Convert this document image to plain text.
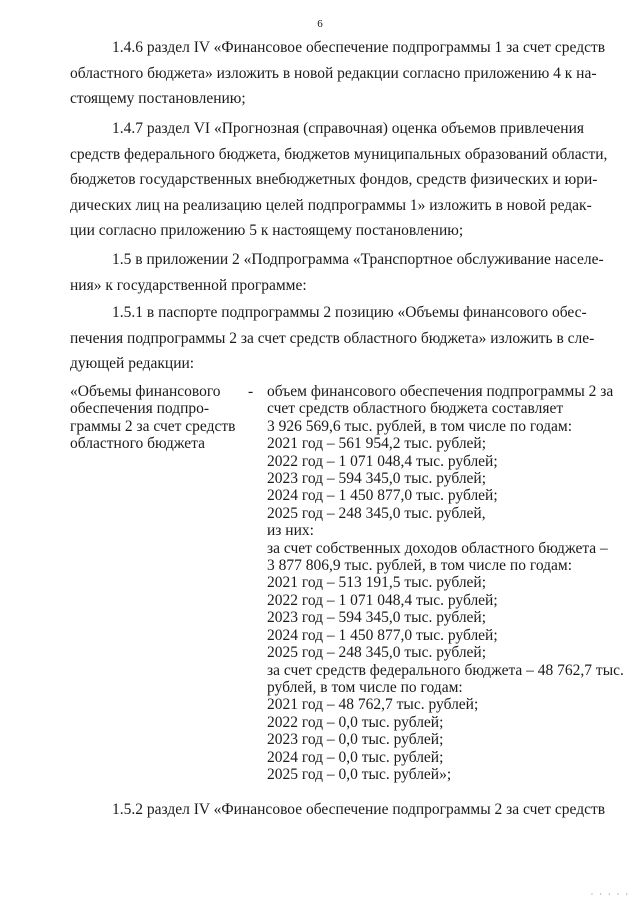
6
1.4.6 раздел IV «Финансовое обеспечение подпрограммы 1 за счет средств
областного бюджета» изложить в новой редакции согласно приложению 4 к на-
стоящему постановлению;
1.4.7 раздел VI «Прогнозная (справочная) оценка объемов привлечения
средств федерального бюджета, бюджетов муниципальных образований области,
бюджетов государственных внебюджетных фондов, средств физических и юри-
дических лиц на реализацию целей подпрограммы 1» изложить в новой редак-
ции согласно приложению 5 к настоящему постановлению;
1.5 в приложении 2 «Подпрограмма «Транспортное обслуживание населе-
ния» к государственной программе:
1.5.1 в паспорте подпрограммы 2 позицию «Объемы финансового обес-
печения подпрограммы 2 за счет средств областного бюджета» изложить в сле-
дующей редакции:
«Объемы финансового
обеспечения подпро-
граммы 2 за счет средств
областного бюджета
- объем финансового обеспечения подпрограммы 2 за
счет средств областного бюджета составляет
3 926 569,6 тыс. рублей, в том числе по годам:
2021 год – 561 954,2 тыс. рублей;
2022 год – 1 071 048,4 тыс. рублей;
2023 год – 594 345,0 тыс. рублей;
2024 год – 1 450 877,0 тыс. рублей;
2025 год – 248 345,0 тыс. рублей,
из них:
за счет собственных доходов областного бюджета –
3 877 806,9 тыс. рублей, в том числе по годам:
2021 год – 513 191,5 тыс. рублей;
2022 год – 1 071 048,4 тыс. рублей;
2023 год – 594 345,0 тыс. рублей;
2024 год – 1 450 877,0 тыс. рублей;
2025 год – 248 345,0 тыс. рублей;
за счет средств федерального бюджета – 48 762,7 тыс.
рублей, в том числе по годам:
2021 год – 48 762,7 тыс. рублей;
2022 год – 0,0 тыс. рублей;
2023 год – 0,0 тыс. рублей;
2024 год – 0,0 тыс. рублей;
2025 год – 0,0 тыс. рублей»;
1.5.2 раздел IV «Финансовое обеспечение подпрограммы 2 за счет средств
· · · · ·
